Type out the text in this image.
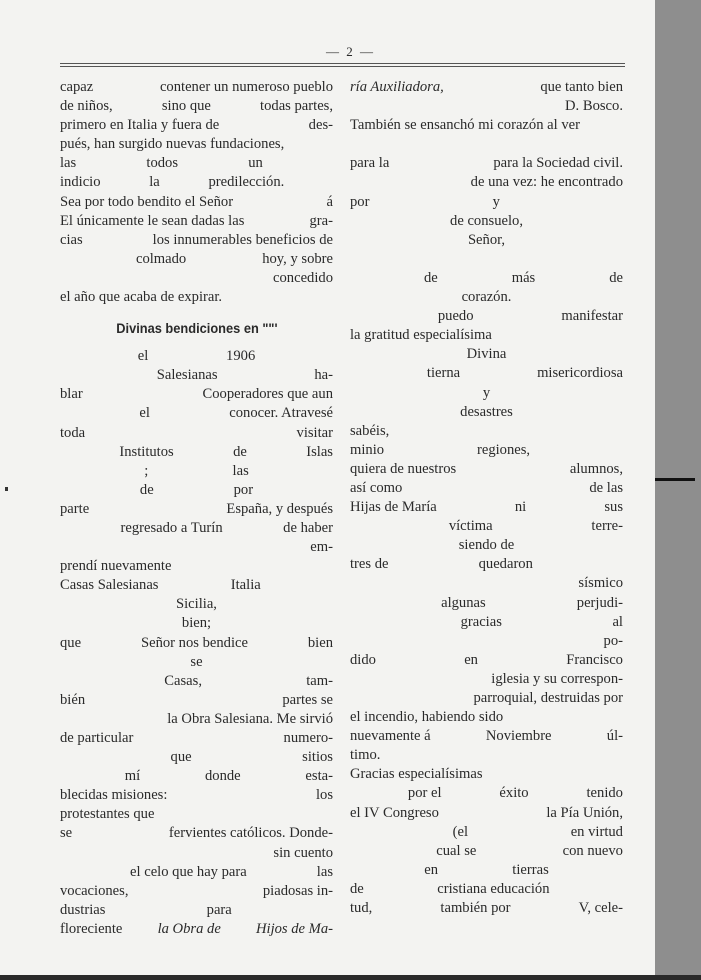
— 2 —
capaz	contener un numeroso pueblo
de niños,	sino que	todas partes,
primero en Italia y fuera de	des-
pués, han surgido nuevas fundaciones,
las	todos	un
indicio	la	predilección.
Sea por todo bendito el Señor	á
El únicamente le sean dadas las	gra-
cias	los innumerables beneficios de
colmado	hoy, y sobre
concedido
el año que acaba de expirar.
Divinas bendiciones en ""'
el	1906
Salesianas	ha-
blar	Cooperadores que aun
el	conocer. Atravesé
toda	visitar
Institutos	de	Islas
;	las
de	por
parte	España, y después
regresado a Turín	de haber
em-
prendí nuevamente
Casas Salesianas	Italia
Sicilia,
bien;
que	Señor nos bendice	bien
se
Casas,	tam-
bién	partes se
la Obra Salesiana. Me sirvió
de particular	numero-
que	sitios
mí	donde	esta-
blecidas misiones:	los
protestantes que
se	fervientes católicos. Donde-
sin cuento
el celo que hay para	las
vocaciones,	piadosas in-
dustrias	para
floreciente la Obra de Hijos de Ma-
ría Auxiliadora,	que tanto bien
D. Bosco.
También se ensanchó mi corazón al ver
para la	para la Sociedad civil.
de una vez: he encontrado
por	y
de consuelo,
Señor,
de	más	de
corazón.
puedo	manifestar
la gratitud especialísima
Divina
tierna	misericordiosa
y
desastres
sabéis,
minio	regiones,
quiera de nuestros	alumnos,
así como	de las
Hijas de María	ni	sus
víctima	terre-
siendo de
tres de	quedaron
sísmico
algunas	perjudi-
gracias	al
po-
dido	en	Francisco
iglesia y su correspon-
parroquial, destruidas por
el incendio, habiendo sido
nuevamente á	Noviembre	úl-
timo.
Gracias especialísimas
por el	éxito	tenido
el IV Congreso	la Pía Unión,
(el	en virtud
cual se	con nuevo
en	tierras
de	cristiana educación
tud,	también por	V, cele-
